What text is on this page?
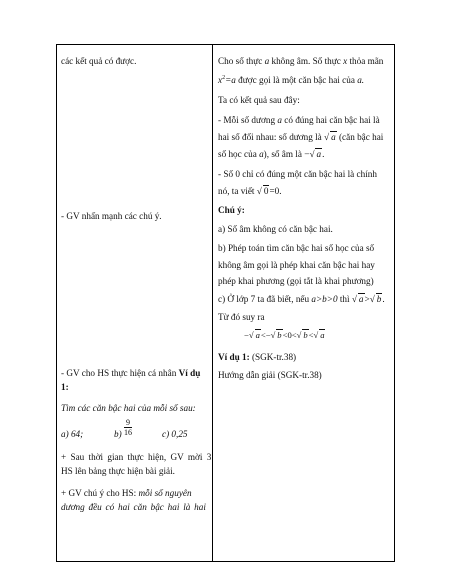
các kết quả có được.
- GV nhấn mạnh các chú ý.
- GV cho HS thực hiện cá nhân Ví dụ
1:
Tìm các căn bậc hai của mỗi số sau:
a) 64;	$b) \frac{9}{16}$	c) 0,25
+ Sau thời gian thực hiện, GV mời 3
HS lên bảng thực hiện bài giải.
+ GV chú ý cho HS: mỗi số nguyên
dương đều có hai căn bậc hai là hai
Cho số thực a không âm. Số thực x thỏa mãn
$x^2=a$ được gọi là một căn bậc hai của a.
Ta có kết quả sau đây:
- Mỗi số dương a có đúng hai căn bậc hai là
hai số đối nhau: số dương là √ a (căn bậc hai
số học của a), số âm là −√ a.
- Số 0 chỉ có đúng một căn bậc hai là chính
nó, ta viết √ 0=0.
Chú ý:
a) Số âm không có căn bậc hai.
b) Phép toán tìm căn bậc hai số học của số
không âm gọi là phép khai căn bậc hai hay
phép khai phương (gọi tắt là khai phương)
c) Ở lớp 7 ta đã biết, nếu a>b>0 thì √ a>√ b.
Từ đó suy ra
−√ a<−√ b<0<√ b<√ a
Ví dụ 1: (SGK-tr.38)
Hướng dẫn giải (SGK-tr.38)
